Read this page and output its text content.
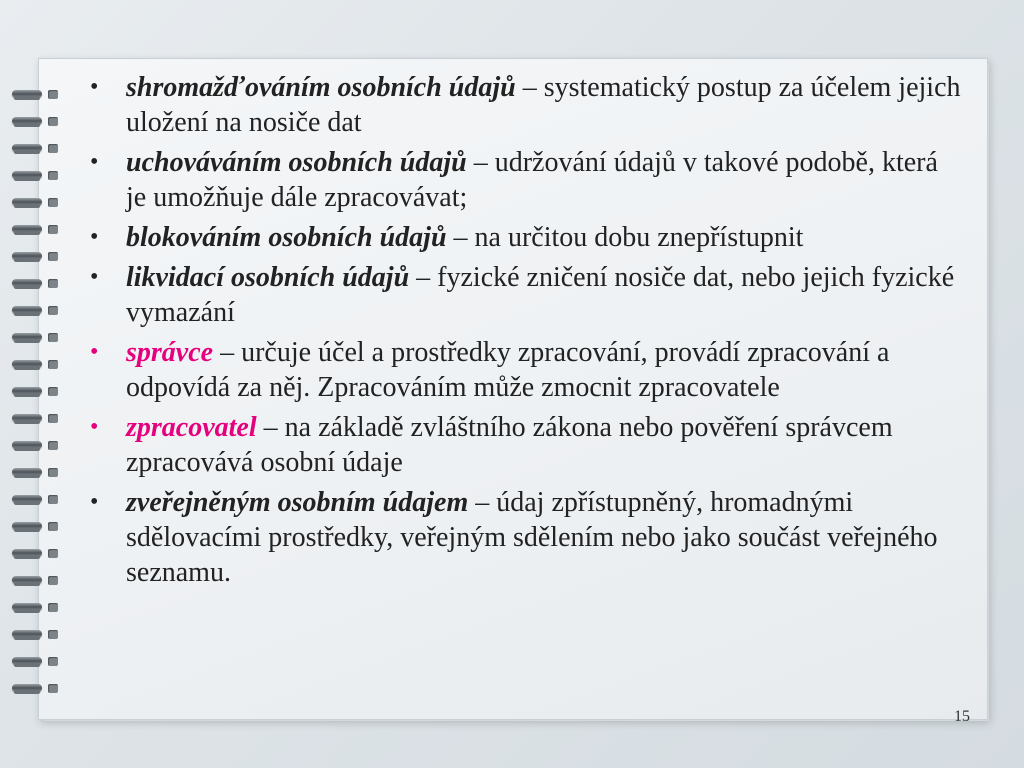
• shromažďováním osobních údajů – systematický postup za účelem jejich uložení na nosiče dat
• uchováváním osobních údajů – udržování údajů v takové podobě, která je umožňuje dále zpracovávat;
• blokováním osobních údajů – na určitou dobu znepřístupnit
• likvidací osobních údajů – fyzické zničení nosiče dat, nebo jejich fyzické vymazání
• správce – určuje účel a prostředky zpracování, provádí zpracování a odpovídá za něj. Zpracováním může zmocnit zpracovatele
• zpracovatel – na základě zvláštního zákona nebo pověření správcem zpracovává osobní údaje
• zveřejněným osobním údajem – údaj zpřístupněný, hromadnými sdělovacími prostředky, veřejným sdělením nebo jako součást veřejného seznamu.
15
